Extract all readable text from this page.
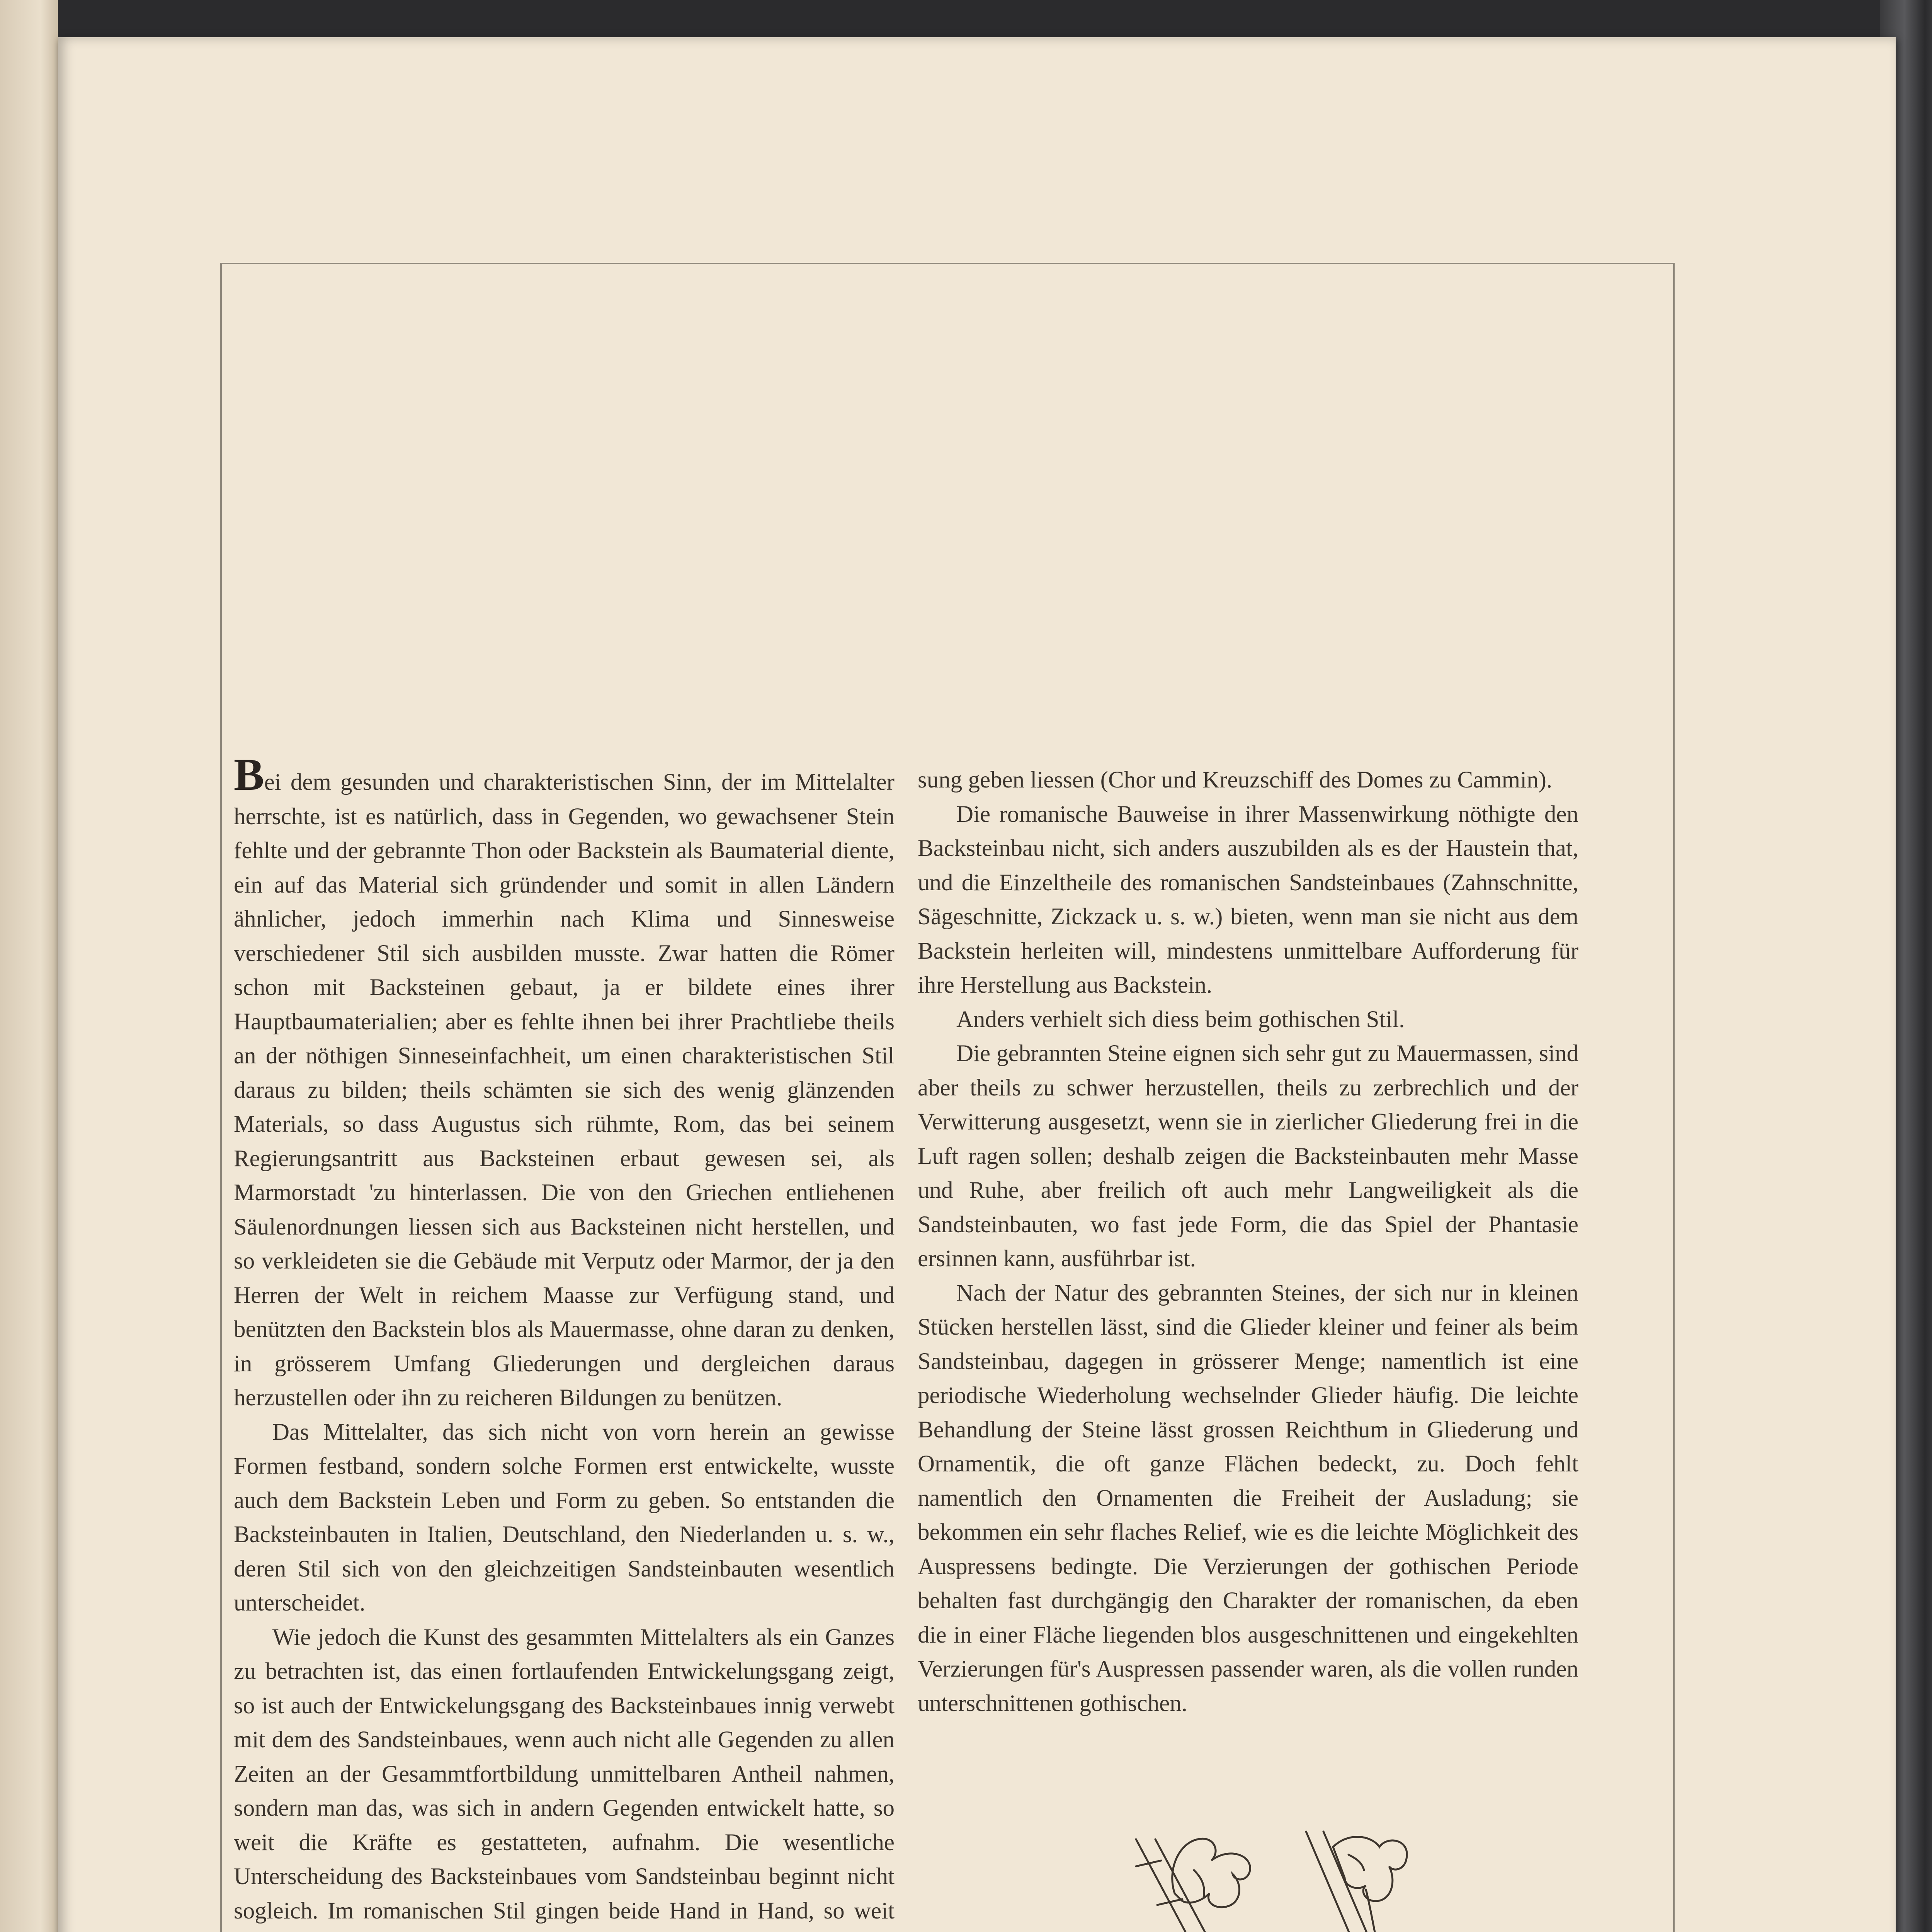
Bei dem gesunden und charakteristischen Sinn, der im Mittelalter herrschte, ist es natürlich, dass in Gegenden, wo gewachsener Stein fehlte und der gebrannte Thon oder Backstein als Baumaterial diente, ein auf das Material sich gründender und somit in allen Ländern ähnlicher, jedoch immerhin nach Klima und Sinnesweise verschiedener Stil sich ausbilden musste. Zwar hatten die Römer schon mit Backsteinen gebaut, ja er bildete eines ihrer Hauptbaumaterialien; aber es fehlte ihnen bei ihrer Prachtliebe theils an der nöthigen Sinneseinfachheit, um einen charakteristischen Stil daraus zu bilden; theils schämten sie sich des wenig glänzenden Materials, so dass Augustus sich rühmte, Rom, das bei seinem Regierungsantritt aus Backsteinen erbaut gewesen sei, als Marmorstadt 'zu hinterlassen. Die von den Griechen entliehenen Säulenordnungen liessen sich aus Backsteinen nicht herstellen, und so verkleideten sie die Gebäude mit Verputz oder Marmor, der ja den Herren der Welt in reichem Maasse zur Verfügung stand, und benützten den Backstein blos als Mauermasse, ohne daran zu denken, in grösserem Umfang Gliederungen und dergleichen daraus herzustellen oder ihn zu reicheren Bildungen zu benützen.

Das Mittelalter, das sich nicht von vorn herein an gewisse Formen festband, sondern solche Formen erst entwickelte, wusste auch dem Backstein Leben und Form zu geben. So entstanden die Backsteinbauten in Italien, Deutschland, den Niederlanden u. s. w., deren Stil sich von den gleichzeitigen Sandsteinbauten wesentlich unterscheidet.

Wie jedoch die Kunst des gesammten Mittelalters als ein Ganzes zu betrachten ist, das einen fortlaufenden Entwickelungsgang zeigt, so ist auch der Entwickelungsgang des Backsteinbaues innig verwebt mit dem des Sandsteinbaues, wenn auch nicht alle Gegenden zu allen Zeiten an der Gesammtfortbildung unmittelbaren Antheil nahmen, sondern man das, was sich in andern Gegenden entwickelt hatte, so weit die Kräfte es gestatteten, aufnahm. Die wesentliche Unterscheidung des Backsteinbaues vom Sandsteinbau beginnt nicht sogleich. Im romanischen Stil gingen beide Hand in Hand, so weit

sung geben liessen (Chor und Kreuzschiff des Domes zu Cammin).

Die romanische Bauweise in ihrer Massenwirkung nöthigte den Backsteinbau nicht, sich anders auszubilden als es der Haustein that, und die Einzeltheile des romanischen Sandsteinbaues (Zahnschnitte, Sägeschnitte, Zickzack u. s. w.) bieten, wenn man sie nicht aus dem Backstein herleiten will, mindestens unmittelbare Aufforderung für ihre Herstellung aus Backstein.

Anders verhielt sich diess beim gothischen Stil.

Die gebrannten Steine eignen sich sehr gut zu Mauermassen, sind aber theils zu schwer herzustellen, theils zu zerbrechlich und der Verwitterung ausgesetzt, wenn sie in zierlicher Gliederung frei in die Luft ragen sollen; deshalb zeigen die Backsteinbauten mehr Masse und Ruhe, aber freilich oft auch mehr Langweiligkeit als die Sandsteinbauten, wo fast jede Form, die das Spiel der Phantasie ersinnen kann, ausführbar ist.

Nach der Natur des gebrannten Steines, der sich nur in kleinen Stücken herstellen lässt, sind die Glieder kleiner und feiner als beim Sandsteinbau, dagegen in grösserer Menge; namentlich ist eine periodische Wiederholung wechselnder Glieder häufig. Die leichte Behandlung der Steine lässt grossen Reichthum in Gliederung und Ornamentik, die oft ganze Flächen bedeckt, zu. Doch fehlt namentlich den Ornamenten die Freiheit der Ausladung; sie bekommen ein sehr flaches Relief, wie es die leichte Möglichkeit des Auspressens bedingte. Die Verzierungen der gothischen Periode behalten fast durchgängig den Charakter der romanischen, da eben die in einer Fläche liegenden blos ausgeschnittenen und eingekehlten Verzierungen für's Auspressen passender waren, als die vollen runden unterschnittenen gothischen.
